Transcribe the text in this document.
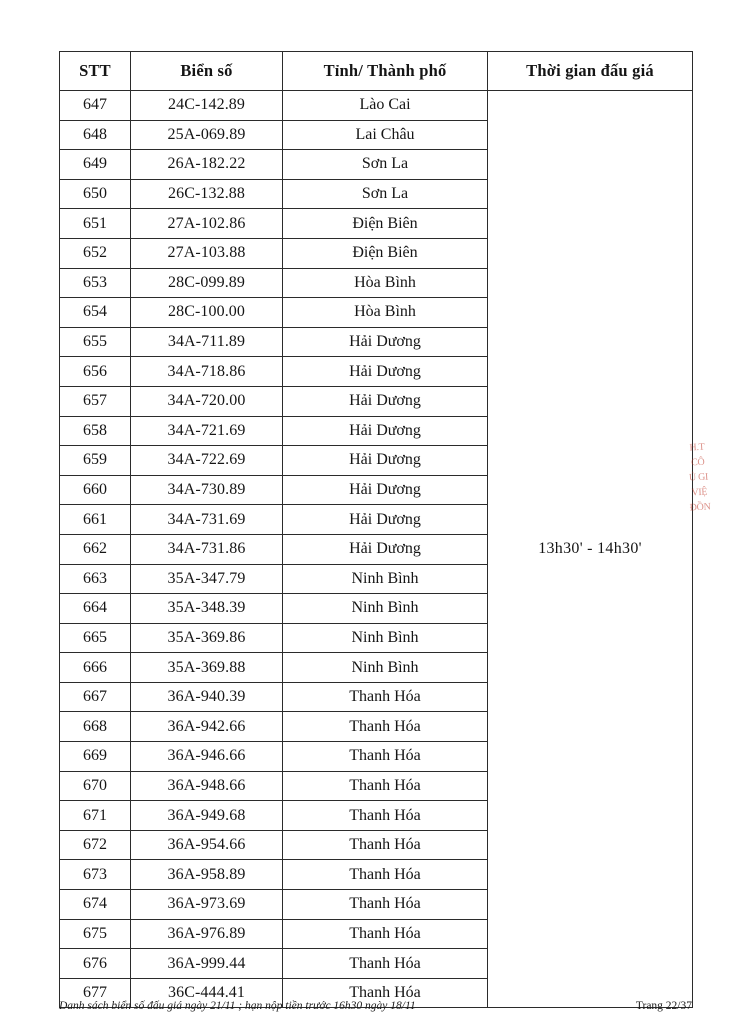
STT	Biển số	Tỉnh/ Thành phố	Thời gian đấu giá
647	24C-142.89	Lào Cai	13h30' - 14h30'
648	25A-069.89	Lai Châu	
649	26A-182.22	Sơn La	
650	26C-132.88	Sơn La	
651	27A-102.86	Điện Biên	
652	27A-103.88	Điện Biên	
653	28C-099.89	Hòa Bình	
654	28C-100.00	Hòa Bình	
655	34A-711.89	Hải Dương	
656	34A-718.86	Hải Dương	
657	34A-720.00	Hải Dương	
658	34A-721.69	Hải Dương	
659	34A-722.69	Hải Dương	
660	34A-730.89	Hải Dương	
661	34A-731.69	Hải Dương	
662	34A-731.86	Hải Dương	
663	35A-347.79	Ninh Bình	
664	35A-348.39	Ninh Bình	
665	35A-369.86	Ninh Bình	
666	35A-369.88	Ninh Bình	
667	36A-940.39	Thanh Hóa	
668	36A-942.66	Thanh Hóa	
669	36A-946.66	Thanh Hóa	
670	36A-948.66	Thanh Hóa	
671	36A-949.68	Thanh Hóa	
672	36A-954.66	Thanh Hóa	
673	36A-958.89	Thanh Hóa	
674	36A-973.69	Thanh Hóa	
675	36A-976.89	Thanh Hóa	
676	36A-999.44	Thanh Hóa	
677	36C-444.41	Thanh Hóa	
H.T
CÔ
Ủ GI
VIỆ
ĐỒN
Danh sách biển số đấu giá ngày 21/11 ; hạn nộp tiền trước 16h30 ngày 18/11	Trang 22/37
